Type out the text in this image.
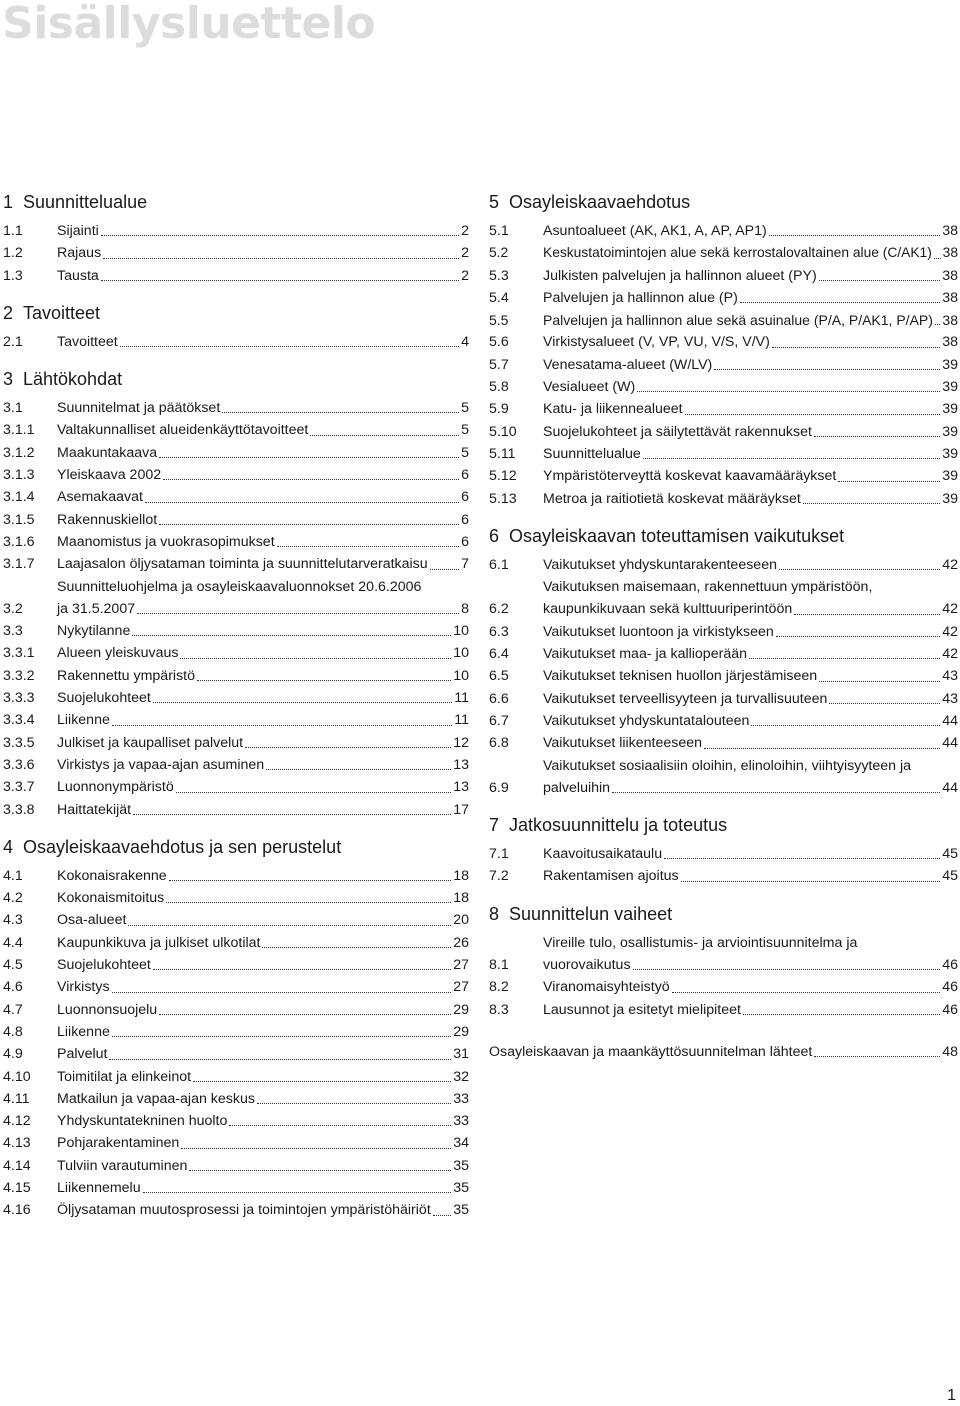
Sisällysluettelo
1 Suunnittelualue
1.1	Sijainti	2
1.2	Rajaus	2
1.3	Tausta	2
2 Tavoitteet
2.1	Tavoitteet	4
3 Lähtökohdat
3.1	Suunnitelmat ja päätökset	5
3.1.1	Valtakunnalliset alueidenkäyttötavoitteet	5
3.1.2	Maakuntakaava	5
3.1.3	Yleiskaava 2002	6
3.1.4	Asemakaavat	6
3.1.5	Rakennuskiellot	6
3.1.6	Maanomistus ja vuokrasopimukset	6
3.1.7	Laajasalon öljysataman toiminta ja suunnittelutarveratkaisu 7
3.2
Suunnitteluohjelma ja osayleiskaavaluonnokset 20.6.2006
ja 31.5.2007	8
3.3	Nykytilanne	10
3.3.1	Alueen yleiskuvaus	10
3.3.2	Rakennettu ympäristö	10
3.3.3	Suojelukohteet	11
3.3.4	Liikenne	11
3.3.5	Julkiset ja kaupalliset palvelut	12
3.3.6	Virkistys ja vapaa-ajan asuminen	13
3.3.7	Luonnonympäristö	13
3.3.8	Haittatekijät	17
4 Osayleiskaavaehdotus ja sen perustelut
4.1	Kokonaisrakenne	18
4.2	Kokonaismitoitus	18
4.3	Osa-alueet	20
4.4	Kaupunkikuva ja julkiset ulkotilat	26
4.5	Suojelukohteet	27
4.6	Virkistys	27
4.7	Luonnonsuojelu	29
4.8	Liikenne	29
4.9	Palvelut	31
4.10	Toimitilat ja elinkeinot	32
4.11	Matkailun ja vapaa-ajan keskus	33
4.12	Yhdyskuntatekninen huolto	33
4.13	Pohjarakentaminen	34
4.14	Tulviin varautuminen	35
4.15	Liikennemelu	35
4.16	Öljysataman muutosprosessi ja toimintojen ympäristöhäiriöt 35
5 Osayleiskaavaehdotus
5.1	Asuntoalueet (AK, AK1, A, AP, AP1)	38
5.2	Keskustatoimintojen alue sekä kerrostalovaltainen alue (C/AK1) 38
5.3	Julkisten palvelujen ja hallinnon alueet (PY)	38
5.4	Palvelujen ja hallinnon alue (P)	38
5.5	Palvelujen ja hallinnon alue sekä asuinalue (P/A, P/AK1, P/AP) 38
5.6	Virkistysalueet (V, VP, VU, V/S, V/V)	38
5.7	Venesatama-alueet (W/LV)	39
5.8	Vesialueet (W)	39
5.9	Katu- ja liikennealueet	39
5.10	Suojelukohteet ja säilytettävät rakennukset	39
5.11	Suunnittelualue	39
5.12	Ympäristöterveyttä koskevat kaavamääräykset	39
5.13	Metroa ja raitiotietä koskevat määräykset	39
6 Osayleiskaavan toteuttamisen vaikutukset
6.1	Vaikutukset yhdyskuntarakenteeseen	42
6.2
Vaikutuksen maisemaan, rakennettuun ympäristöön,
kaupunkikuvaan sekä kulttuuriperintöön	42
6.3	Vaikutukset luontoon ja virkistykseen	42
6.4	Vaikutukset maa- ja kallioperään	42
6.5	Vaikutukset teknisen huollon järjestämiseen	43
6.6	Vaikutukset terveellisyyteen ja turvallisuuteen	43
6.7	Vaikutukset yhdyskuntatalouteen	44
6.8	Vaikutukset liikenteeseen	44
6.9
Vaikutukset sosiaalisiin oloihin, elinoloihin, viihtyisyyteen ja
palveluihin	44
7 Jatkosuunnittelu ja toteutus
7.1	Kaavoitusaikataulu	45
7.2	Rakentamisen ajoitus	45
8 Suunnittelun vaiheet
8.1
Vireille tulo, osallistumis- ja arviointisuunnitelma ja
vuorovaikutus	46
8.2	Viranomaisyhteistyö	46
8.3	Lausunnot ja esitetyt mielipiteet	46
Osayleiskaavan ja maankäyttösuunnitelman lähteet	48
1
